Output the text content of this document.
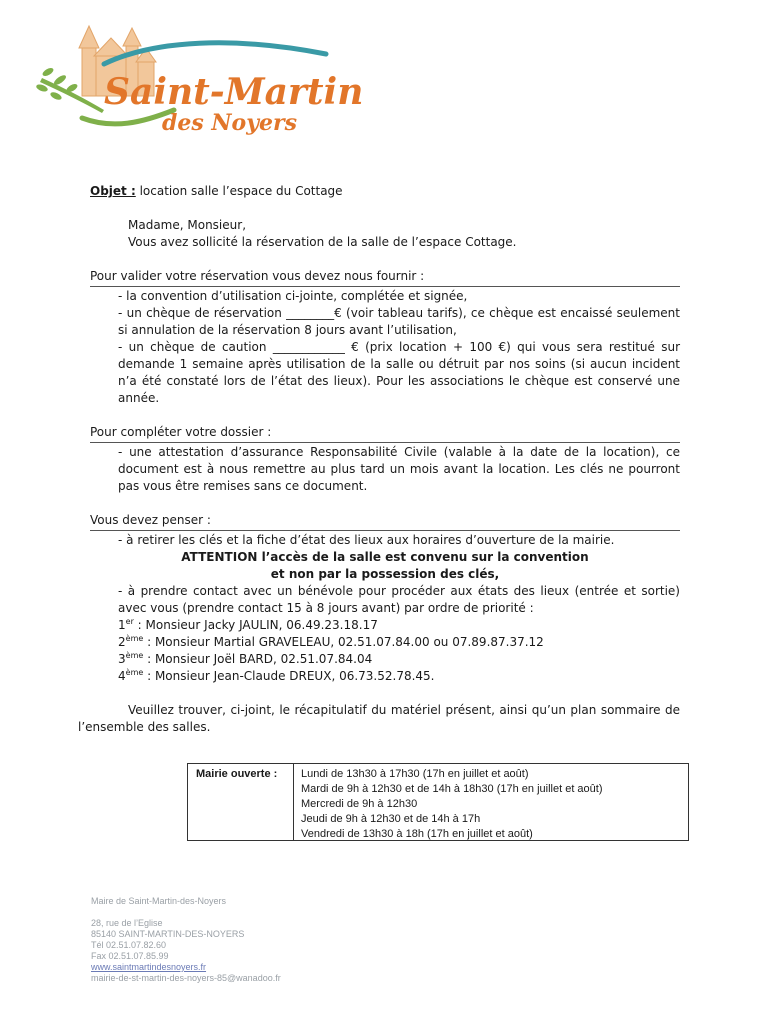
Saint-Martin
des Noyers

Objet : location salle l’espace du Cottage

Madame, Monsieur,

Vous avez sollicité la réservation de la salle de l’espace Cottage.

Pour valider votre réservation vous devez nous fournir :

- la convention d’utilisation ci-jointe, complétée et signée,

- un chèque de réservation ________€ (voir tableau tarifs), ce chèque est encaissé seulement si annulation de la réservation 8 jours avant l’utilisation,

- un chèque de caution ____________ € (prix location + 100 €) qui vous sera restitué sur demande 1 semaine après utilisation de la salle ou détruit par nos soins (si aucun incident n’a été constaté lors de l’état des lieux). Pour les associations le chèque est conservé une année.

Pour compléter votre dossier :

- une attestation d’assurance Responsabilité Civile (valable à la date de la location), ce document est à nous remettre au plus tard un mois avant la location. Les clés ne pourront pas vous être remises sans ce document.

Vous devez penser :

- à retirer les clés et la fiche d’état des lieux aux horaires d’ouverture de la mairie.

ATTENTION l’accès de la salle est convenu sur la convention

et non par la possession des clés,

- à prendre contact avec un bénévole pour procéder aux états des lieux (entrée et sortie) avec vous (prendre contact 15 à 8 jours avant) par ordre de priorité :

1er : Monsieur Jacky JAULIN, 06.49.23.18.17

2ème : Monsieur Martial GRAVELEAU, 02.51.07.84.00 ou 07.89.87.37.12

3ème : Monsieur Joël BARD, 02.51.07.84.04

4ème : Monsieur Jean-Claude DREUX, 06.73.52.78.45.

Veuillez trouver, ci-joint, le récapitulatif du matériel présent, ainsi qu’un plan sommaire de l’ensemble des salles.

Mairie ouverte : Lundi de 13h30 à 17h30 (17h en juillet et août)
Mardi de 9h à 12h30 et de 14h à 18h30 (17h en juillet et août)
Mercredi de 9h à 12h30
Jeudi de 9h à 12h30 et de 14h à 17h
Vendredi de 13h30 à 18h (17h en juillet et août)
Maire de Saint-Martin-des-Noyers
28, rue de l’Eglise
85140 SAINT-MARTIN-DES-NOYERS
Tél 02.51.07.82.60
Fax 02.51.07.85.99
www.saintmartindesnoyers.fr
mairie-de-st-martin-des-noyers-85@wanadoo.fr
